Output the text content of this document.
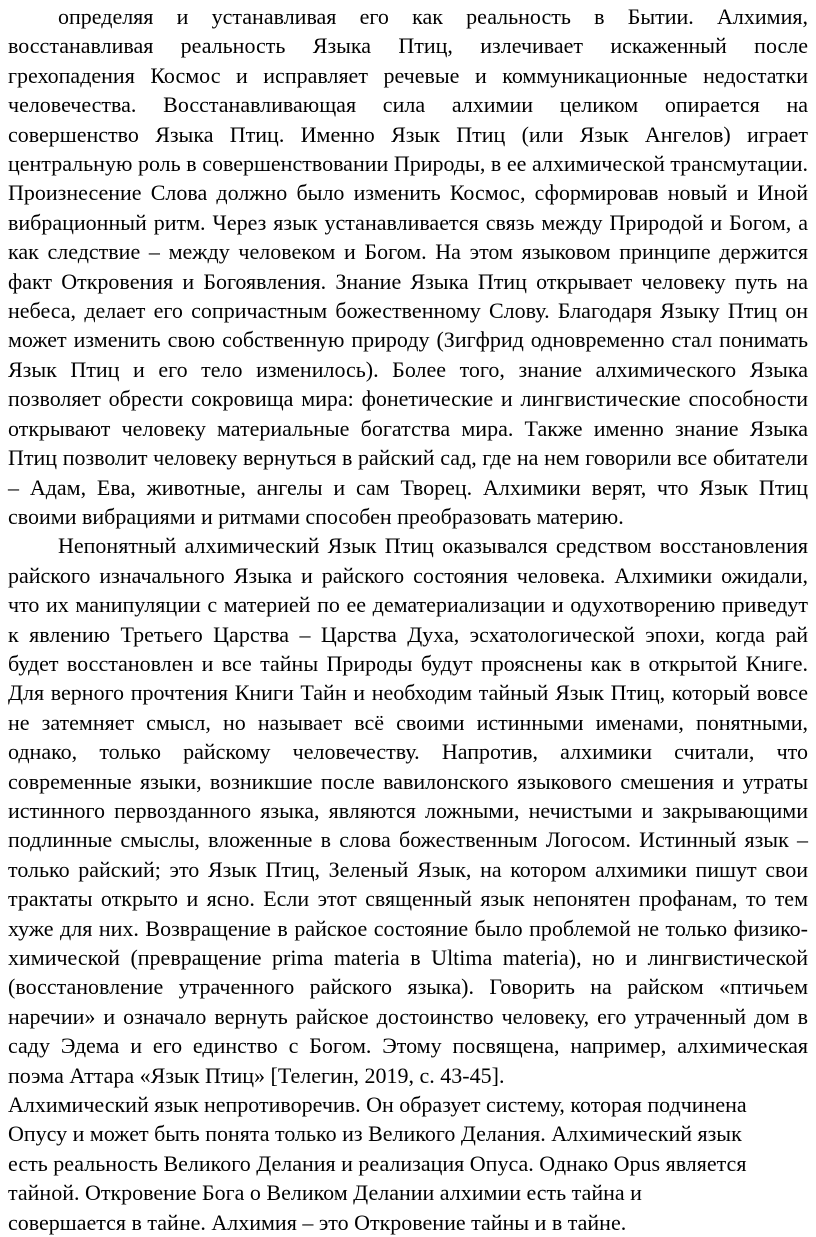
определяя и устанавливая его как реальность в Бытии. Алхимия, восстанавливая реальность Языка Птиц, излечивает искаженный после грехопадения Космос и исправляет речевые и коммуникационные недостатки человечества. Восстанавливающая сила алхимии целиком опирается на совершенство Языка Птиц. Именно Язык Птиц (или Язык Ангелов) играет центральную роль в совершенствовании Природы, в ее алхимической трансмутации. Произнесение Слова должно было изменить Космос, сформировав новый и Иной вибрационный ритм. Через язык устанавливается связь между Природой и Богом, а как следствие – между человеком и Богом. На этом языковом принципе держится факт Откровения и Богоявления. Знание Языка Птиц открывает человеку путь на небеса, делает его сопричастным божественному Слову. Благодаря Языку Птиц он может изменить свою собственную природу (Зигфрид одновременно стал понимать Язык Птиц и его тело изменилось). Более того, знание алхимического Языка позволяет обрести сокровища мира: фонетические и лингвистические способности открывают человеку материальные богатства мира. Также именно знание Языка Птиц позволит человеку вернуться в райский сад, где на нем говорили все обитатели – Адам, Ева, животные, ангелы и сам Творец. Алхимики верят, что Язык Птиц своими вибрациями и ритмами способен преобразовать материю.

Непонятный алхимический Язык Птиц оказывался средством восстановления райского изначального Языка и райского состояния человека. Алхимики ожидали, что их манипуляции с материей по ее дематериализации и одухотворению приведут к явлению Третьего Царства – Царства Духа, эсхатологической эпохи, когда рай будет восстановлен и все тайны Природы будут прояснены как в открытой Книге. Для верного прочтения Книги Тайн и необходим тайный Язык Птиц, который вовсе не затемняет смысл, но называет всё своими истинными именами, понятными, однако, только райскому человечеству. Напротив, алхимики считали, что современные языки, возникшие после вавилонского языкового смешения и утраты истинного первозданного языка, являются ложными, нечистыми и закрывающими подлинные смыслы, вложенные в слова божественным Логосом. Истинный язык – только райский; это Язык Птиц, Зеленый Язык, на котором алхимики пишут свои трактаты открыто и ясно. Если этот священный язык непонятен профанам, то тем хуже для них. Возвращение в райское состояние было проблемой не только физико-химической (превращение prima materia в Ultima materia), но и лингвистической (восстановление утраченного райского языка). Говорить на райском «птичьем наречии» и означало вернуть райское достоинство человеку, его утраченный дом в саду Эдема и его единство с Богом. Этому посвящена, например, алхимическая поэма Аттара «Язык Птиц» [Телегин, 2019, с. 43-45].

Алхимический язык непротиворечив. Он образует систему, которая подчинена
Опусу и может быть понята только из Великого Делания. Алхимический язык
есть реальность Великого Делания и реализация Опуса. Однако Opus является
тайной. Откровение Бога о Великом Делании алхимии есть тайна и
совершается в тайне. Алхимия – это Откровение тайны и в тайне.
